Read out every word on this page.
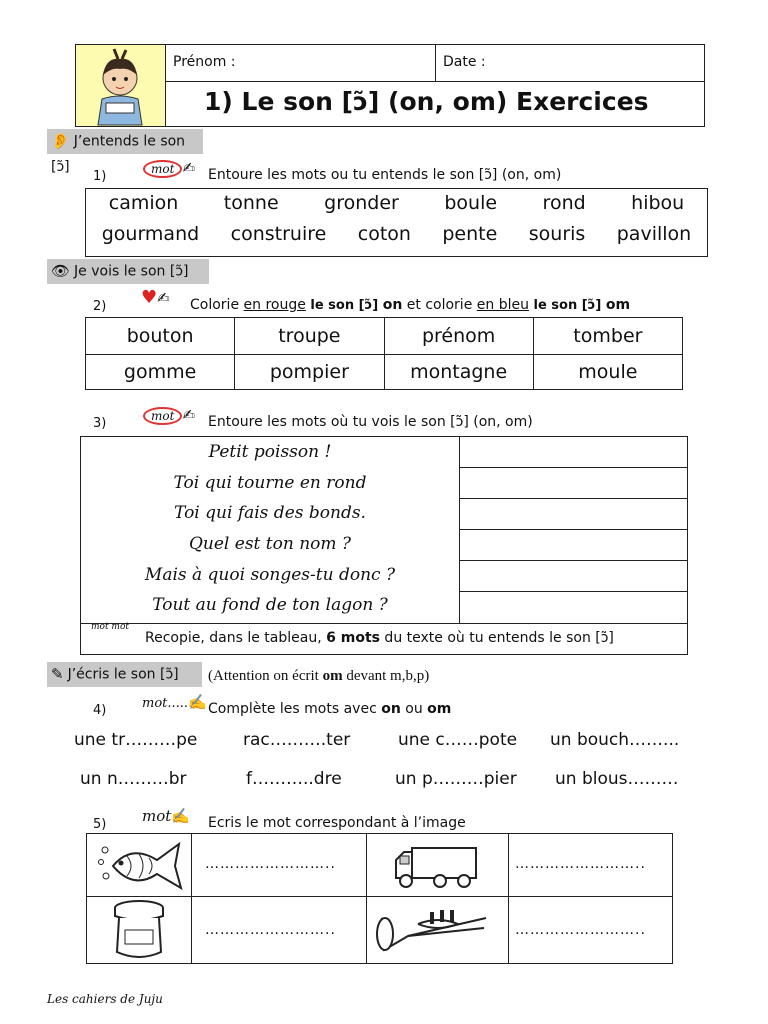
Prénom :	Date :
1) Le son [ɔ̃] (on, om) Exercices
👂 J’entends le son [ɔ̃]
1)	mot ✍ Entoure les mots ou tu entends le son [ɔ̃] (on, om)
camion tonne gronder boule rond hibou
gourmand construire coton pente souris pavillon
👁 Je vois le son [ɔ̃]
2) ♥✍ Colorie en rouge le son [ɔ̃] on et colorie en bleu le son [ɔ̃] om
bouton	troupe	prénom	tomber
gomme	pompier	montagne	moule
3)	mot ✍ Entoure les mots où tu vois le son [ɔ̃] (on, om)
Petit poisson !
Toi qui tourne en rond
Toi qui fais des bonds.
Quel est ton nom ?
Mais à quoi songes-tu donc ?
Tout au fond de ton lagon ?
mot mot
Recopie, dans le tableau, 6 mots du texte où tu entends le son [ɔ̃]
✎ J’écris le son [ɔ̃]	(Attention on écrit om devant m,b,p)
4)	mot.....✍ Complète les mots avec on ou om
une tr………pe	rac……….ter	une c……pote un bouch……...
un n………br	f………..dre	un p………pier un blous………
5) mot✍ Ecris le mot correspondant à l’image
……………………..	……………………..
……………………..	……………………..
Les cahiers de Juju
